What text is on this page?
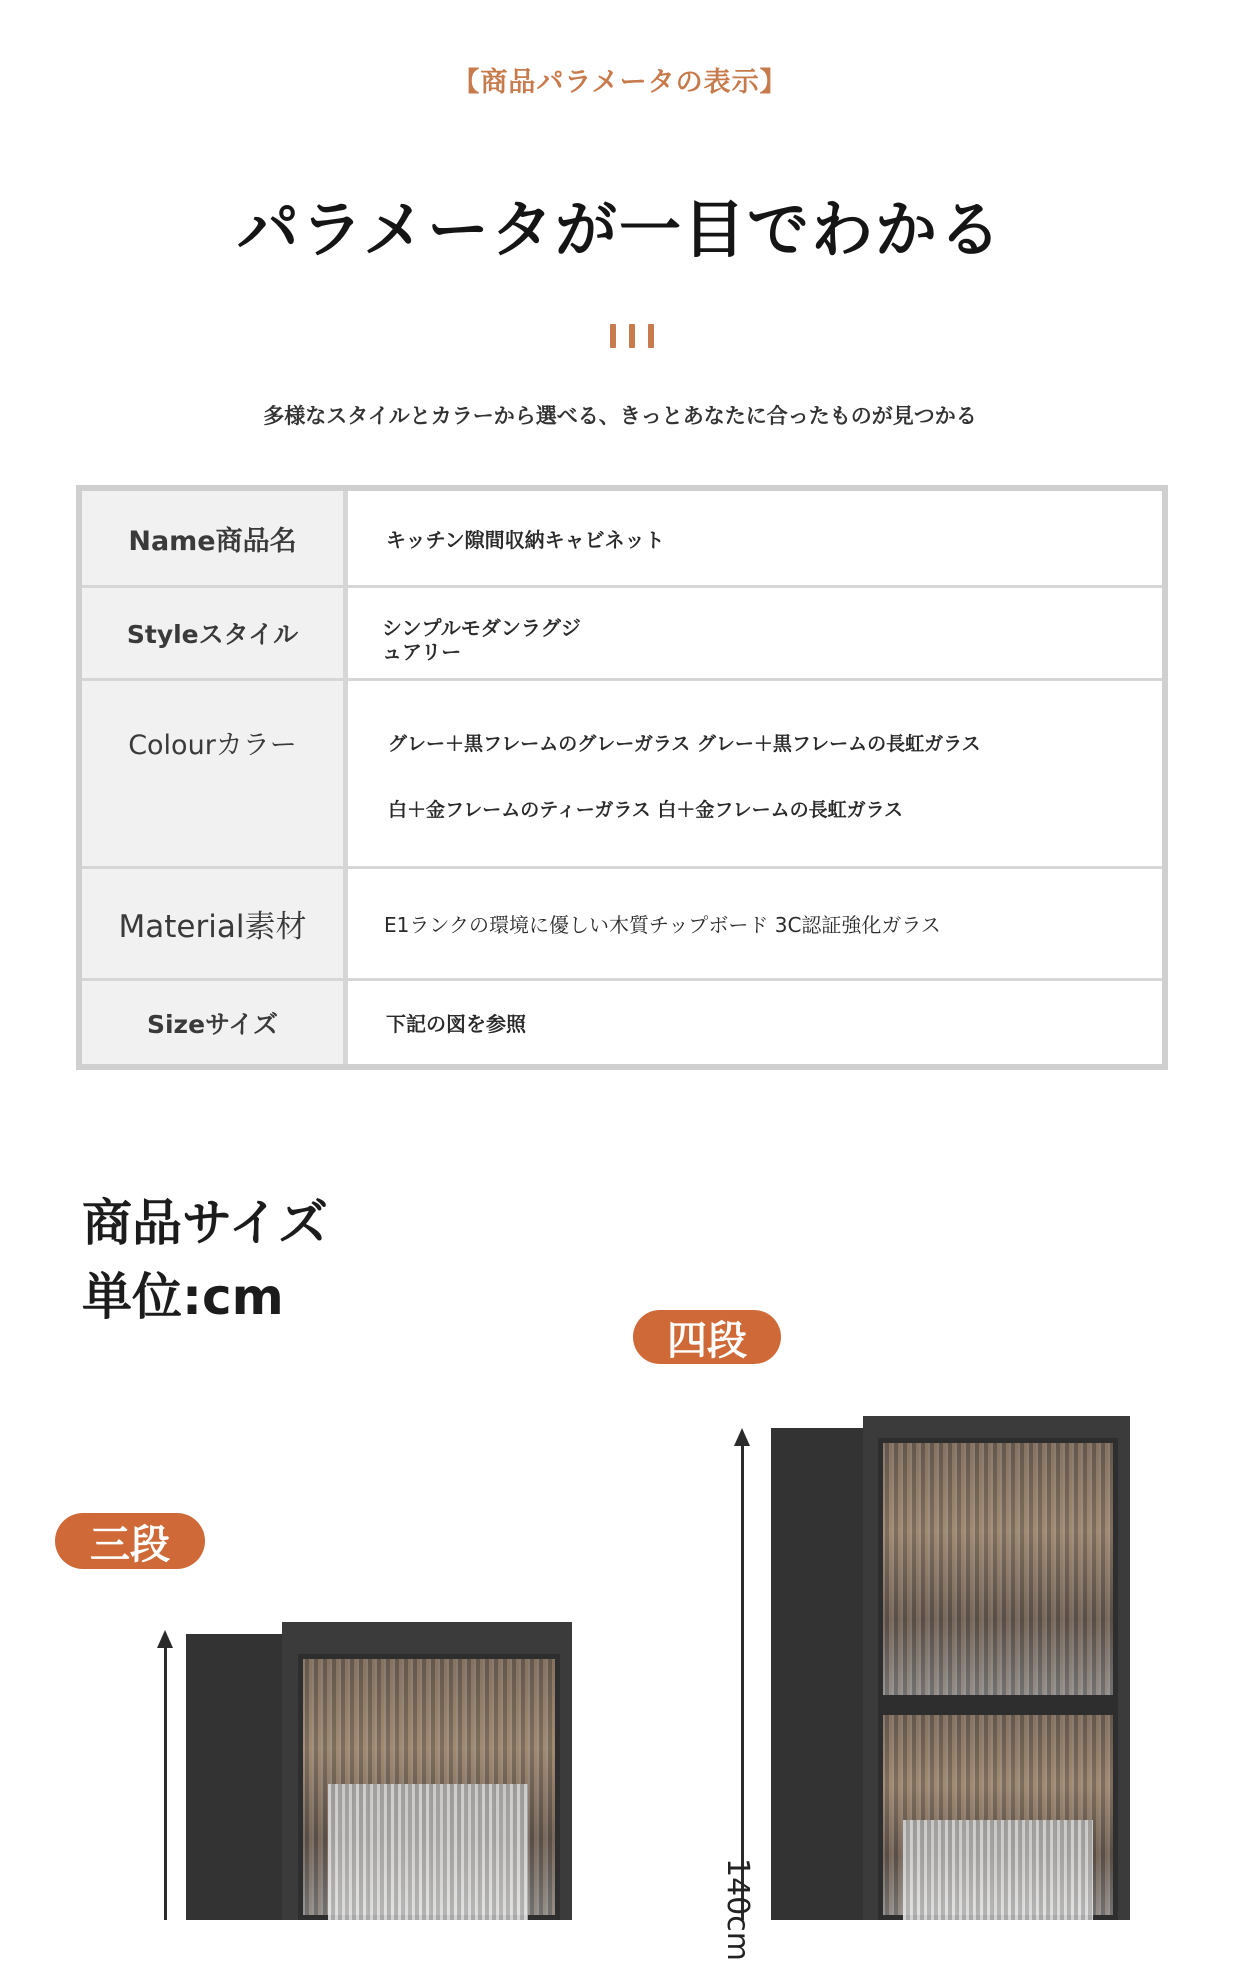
【商品パラメータの表示】
パラメータが一目でわかる
多様なスタイルとカラーから選べる、きっとあなたに合ったものが見つかる
Name商品名	キッチン隙間収納キャビネット
Styleスタイル	シンプルモダンラグジ
ュアリー
Colourカラー	グレー＋黒フレームのグレーガラス グレー＋黒フレームの長虹ガラス
白＋金フレームのティーガラス 白＋金フレームの長虹ガラス
Material素材	E1ランクの環境に優しい木質チップボード 3C認証強化ガラス
Sizeサイズ	下記の図を参照
商品サイズ
単位:cm
四段
三段
140cm
